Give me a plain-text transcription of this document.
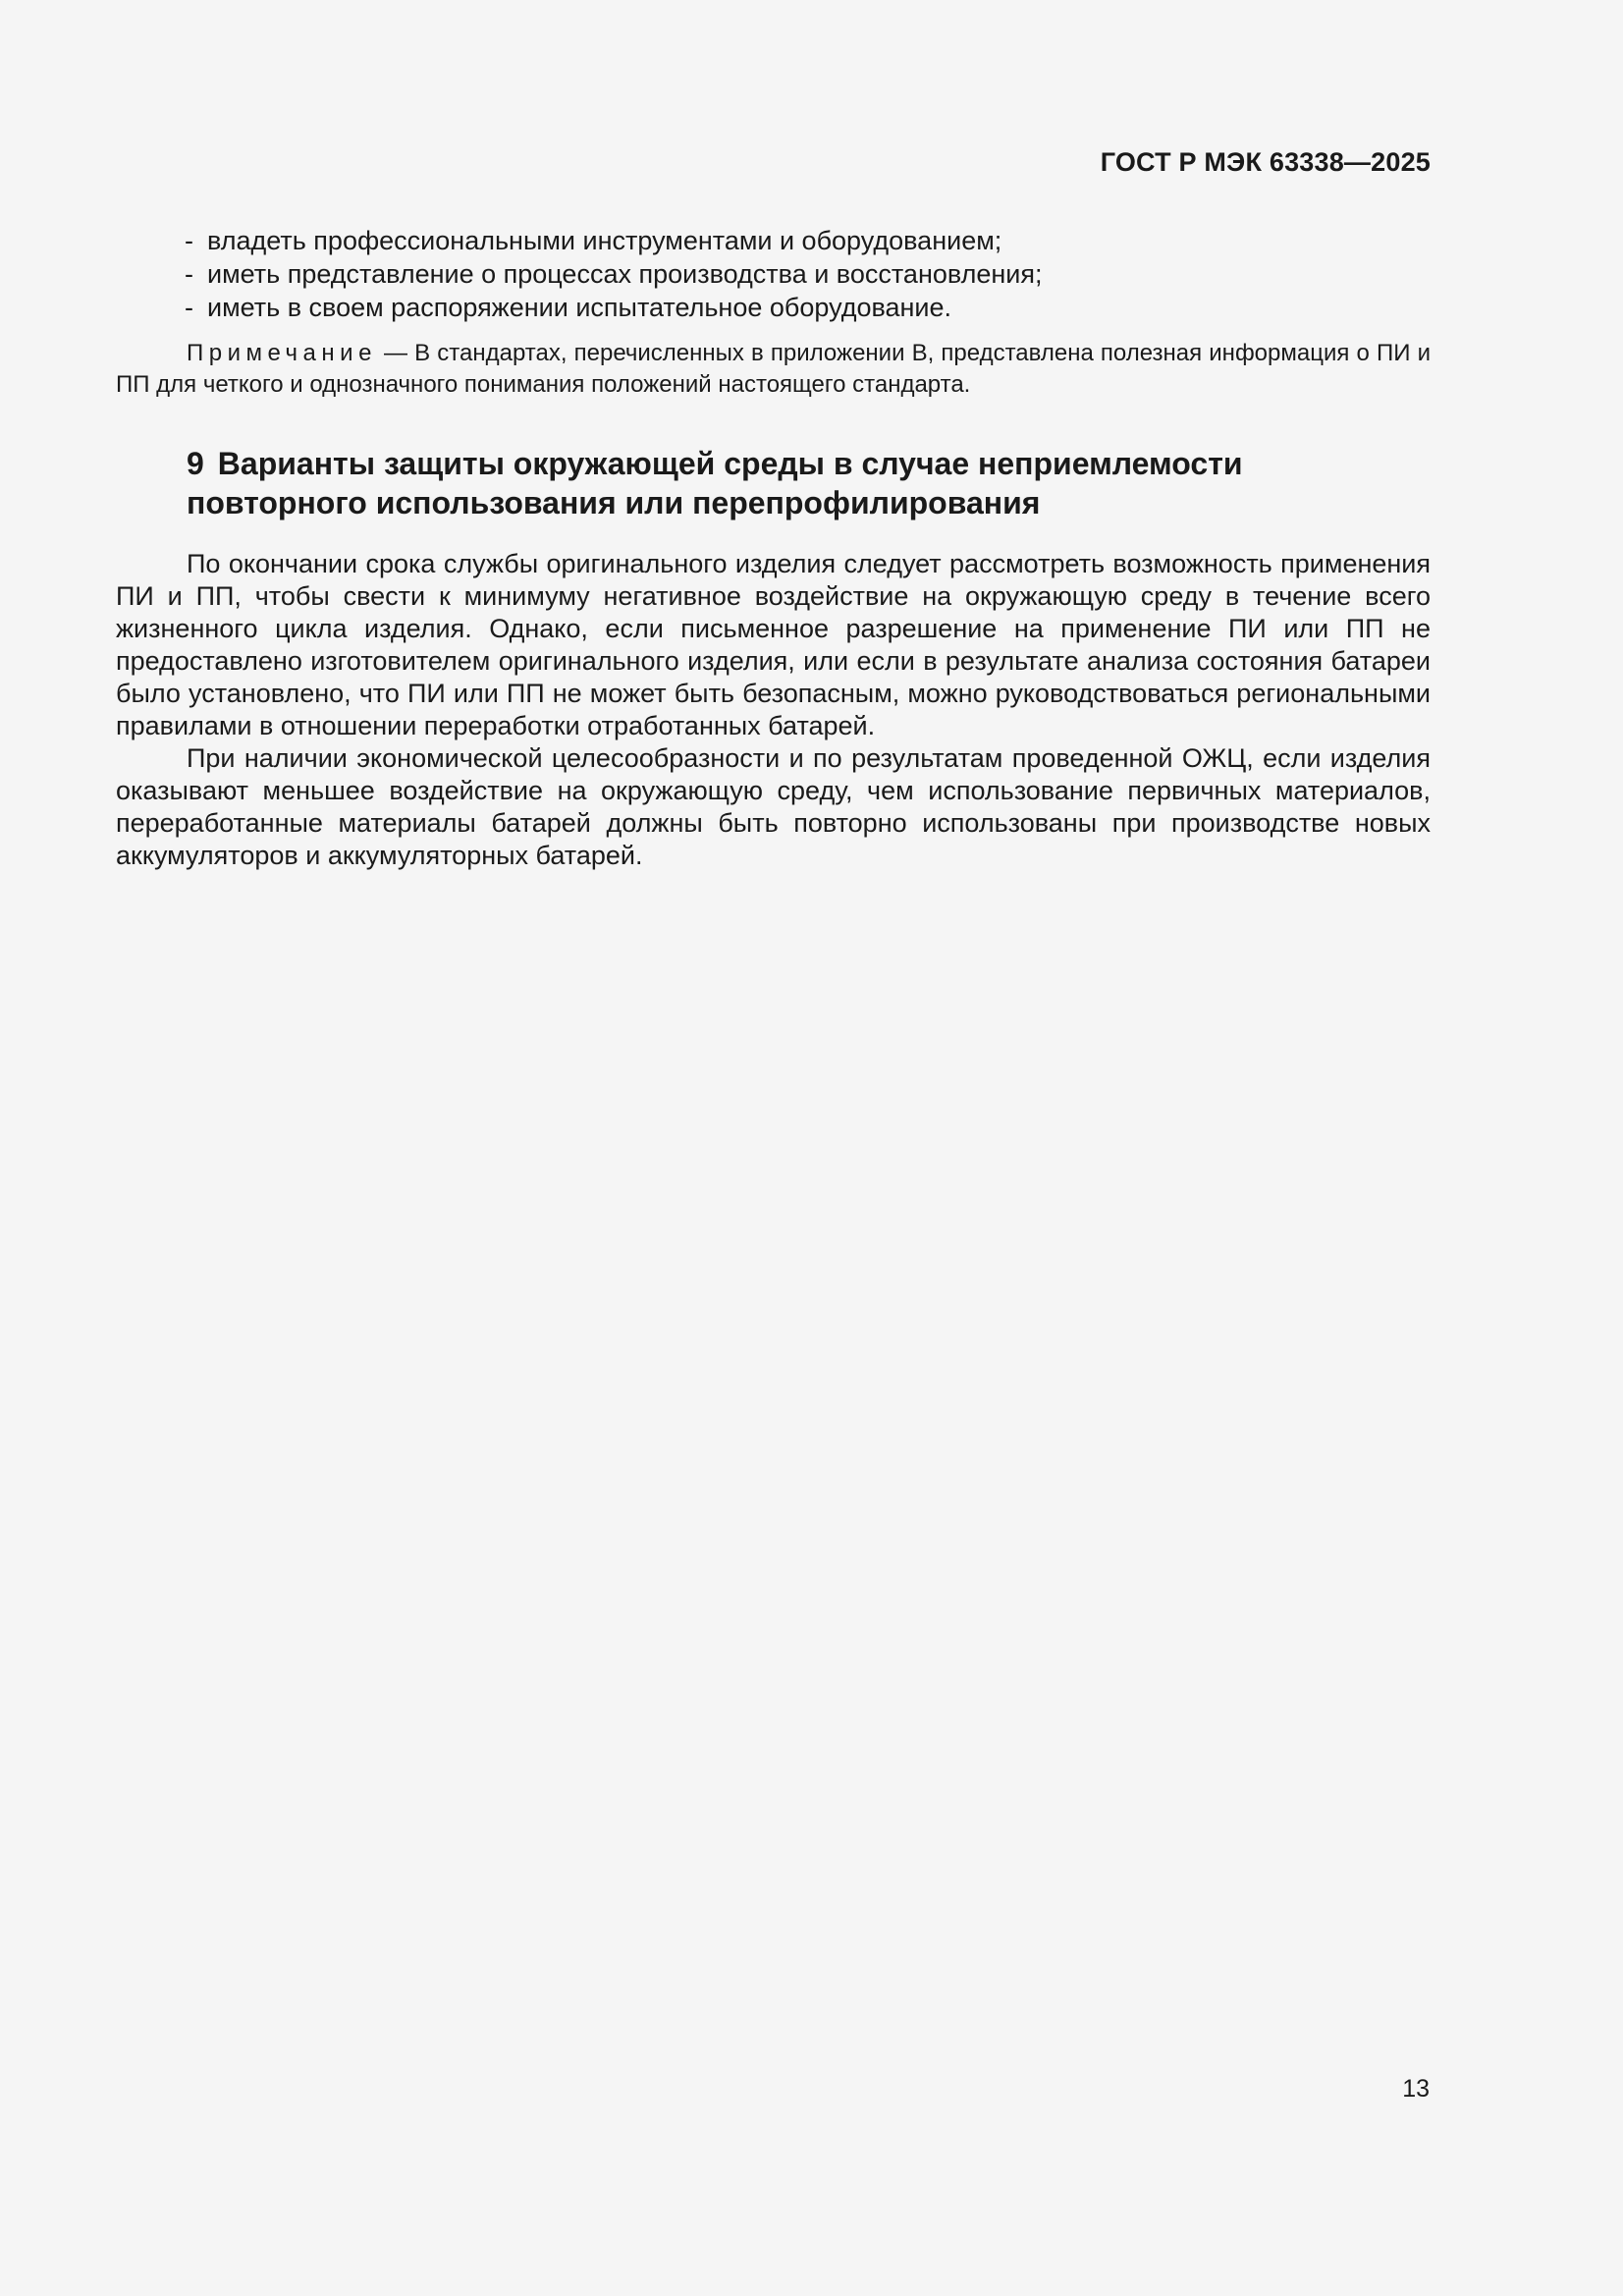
ГОСТ Р МЭК 63338—2025
- владеть профессиональными инструментами и оборудованием;
- иметь представление о процессах производства и восстановления;
- иметь в своем распоряжении испытательное оборудование.

Примечание — В стандартах, перечисленных в приложении В, представлена полезная информация о ПИ и ПП для четкого и однозначного понимания положений настоящего стандарта.

9 Варианты защиты окружающей среды в случае неприемлемости повторного использования или перепрофилирования

По окончании срока службы оригинального изделия следует рассмотреть возможность применения ПИ и ПП, чтобы свести к минимуму негативное воздействие на окружающую среду в течение всего жизненного цикла изделия. Однако, если письменное разрешение на применение ПИ или ПП не предоставлено изготовителем оригинального изделия, или если в результате анализа состояния батареи было установлено, что ПИ или ПП не может быть безопасным, можно руководствоваться региональными правилами в отношении переработки отработанных батарей.

При наличии экономической целесообразности и по результатам проведенной ОЖЦ, если изделия оказывают меньшее воздействие на окружающую среду, чем использование первичных материалов, переработанные материалы батарей должны быть повторно использованы при производстве новых аккумуляторов и аккумуляторных батарей.

13
